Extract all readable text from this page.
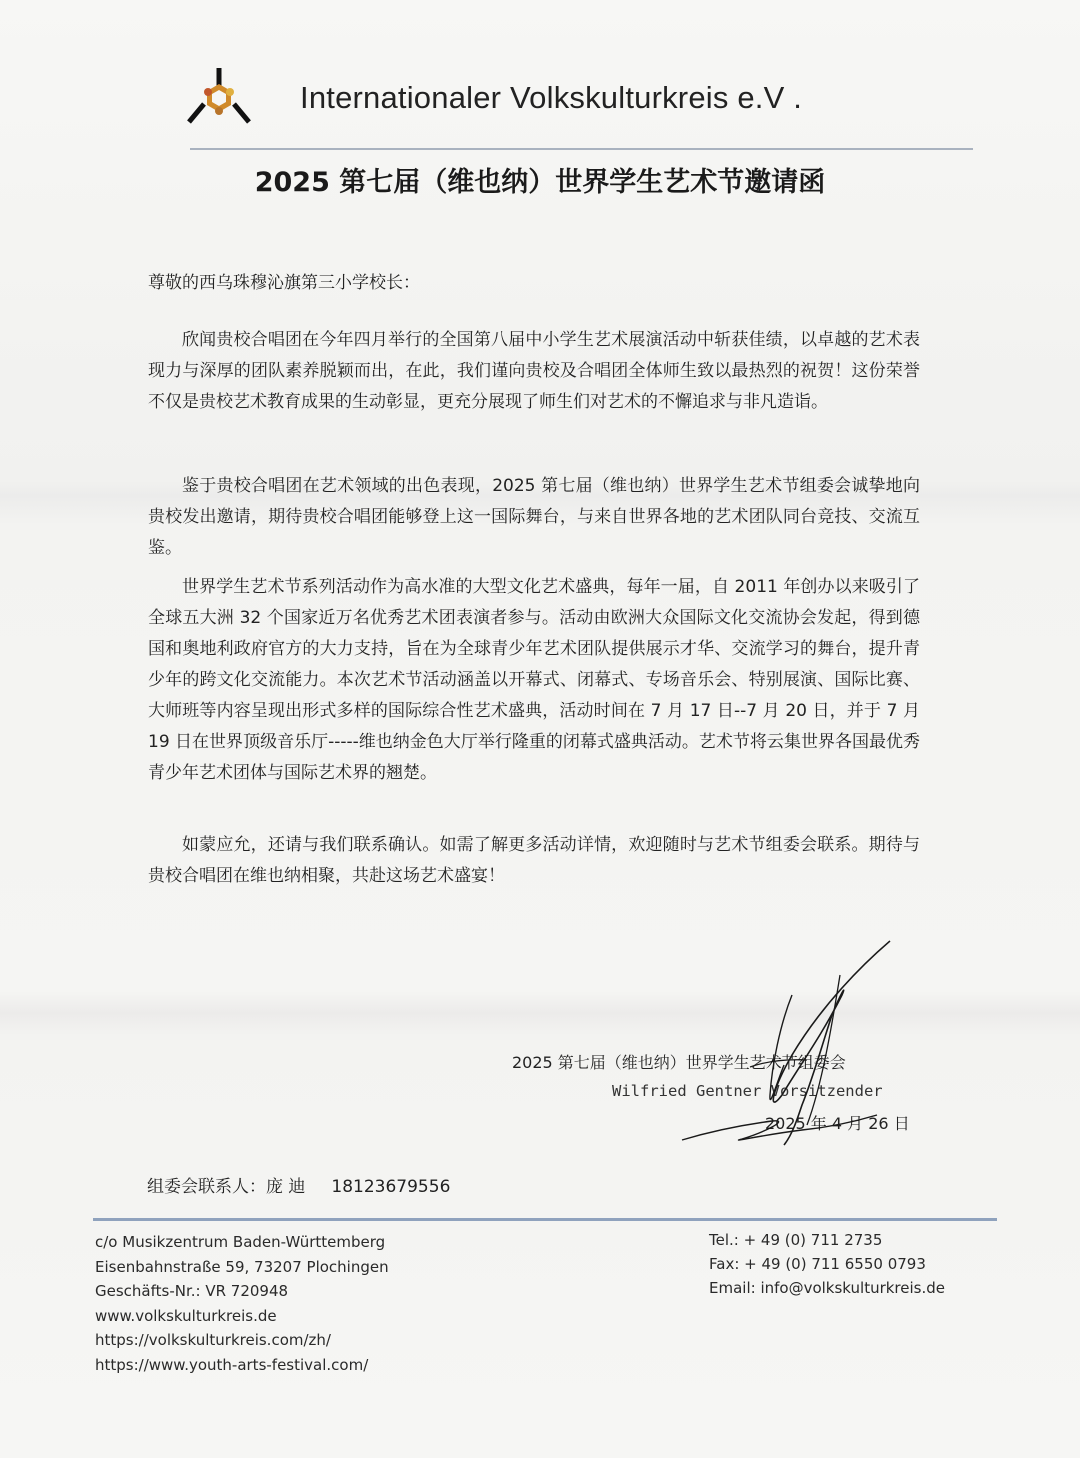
Internationaler Volkskulturkreis e.V .
2025 第七届（维也纳）世界学生艺术节邀请函
尊敬的西乌珠穆沁旗第三小学校长：

欣闻贵校合唱团在今年四月举行的全国第八届中小学生艺术展演活动中斩获佳绩，以卓越的艺术表现力与深厚的团队素养脱颖而出，在此，我们谨向贵校及合唱团全体师生致以最热烈的祝贺！这份荣誉不仅是贵校艺术教育成果的生动彰显，更充分展现了师生们对艺术的不懈追求与非凡造诣。

鉴于贵校合唱团在艺术领域的出色表现，2025 第七届（维也纳）世界学生艺术节组委会诚挚地向贵校发出邀请，期待贵校合唱团能够登上这一国际舞台，与来自世界各地的艺术团队同台竞技、交流互鉴。

世界学生艺术节系列活动作为高水准的大型文化艺术盛典，每年一届，自 2011 年创办以来吸引了全球五大洲 32 个国家近万名优秀艺术团表演者参与。活动由欧洲大众国际文化交流协会发起，得到德国和奥地利政府官方的大力支持，旨在为全球青少年艺术团队提供展示才华、交流学习的舞台，提升青少年的跨文化交流能力。本次艺术节活动涵盖以开幕式、闭幕式、专场音乐会、特别展演、国际比赛、大师班等内容呈现出形式多样的国际综合性艺术盛典，活动时间在 7 月 17 日--7 月 20 日，并于 7 月 19 日在世界顶级音乐厅-----维也纳金色大厅举行隆重的闭幕式盛典活动。艺术节将云集世界各国最优秀青少年艺术团体与国际艺术界的翘楚。

如蒙应允，还请与我们联系确认。如需了解更多活动详情，欢迎随时与艺术节组委会联系。期待与贵校合唱团在维也纳相聚，共赴这场艺术盛宴！

2025 第七届（维也纳）世界学生艺术节组委会
Wilfried Gentner Vorsitzender
2025 年 4 月 26 日
组委会联系人：庞 迪 18123679556
c/o Musikzentrum Baden-Württemberg
Eisenbahnstraße 59, 73207 Plochingen
Geschäfts-Nr.: VR 720948
www.volkskulturkreis.de
https://volkskulturkreis.com/zh/
https://www.youth-arts-festival.com/
Tel.: + 49 (0) 711 2735
Fax: + 49 (0) 711 6550 0793
Email: info@volkskulturkreis.de
